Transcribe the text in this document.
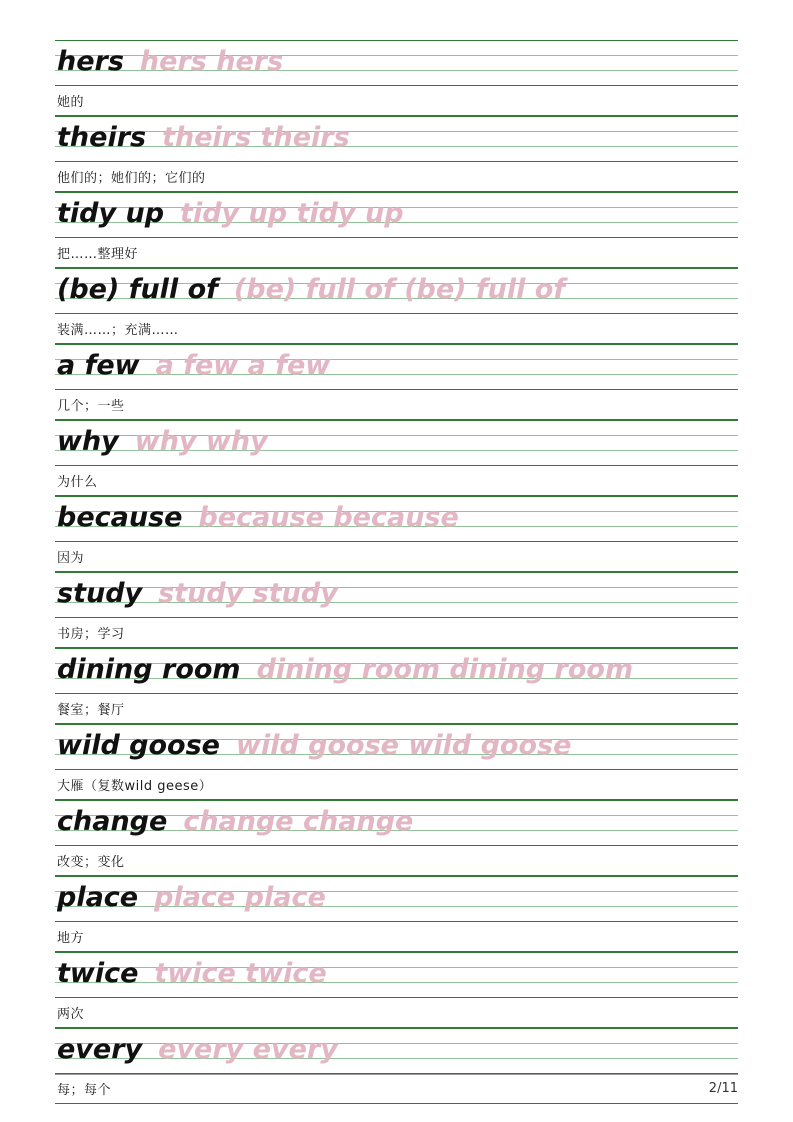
hers hers hers
她的
theirs theirs theirs
他们的；她们的；它们的
tidy up tidy up tidy up
把……整理好
(be) full of (be) full of (be) full of
装满……；充满……
a few a few a few
几个；一些
why why why
为什么
because because because
因为
study study study
书房；学习
dining room dining room dining room
餐室；餐厅
wild goose wild goose wild goose
大雁（复数wild geese）
change change change
改变；变化
place place place
地方
twice twice twice
两次
every every every
每；每个	2/11
